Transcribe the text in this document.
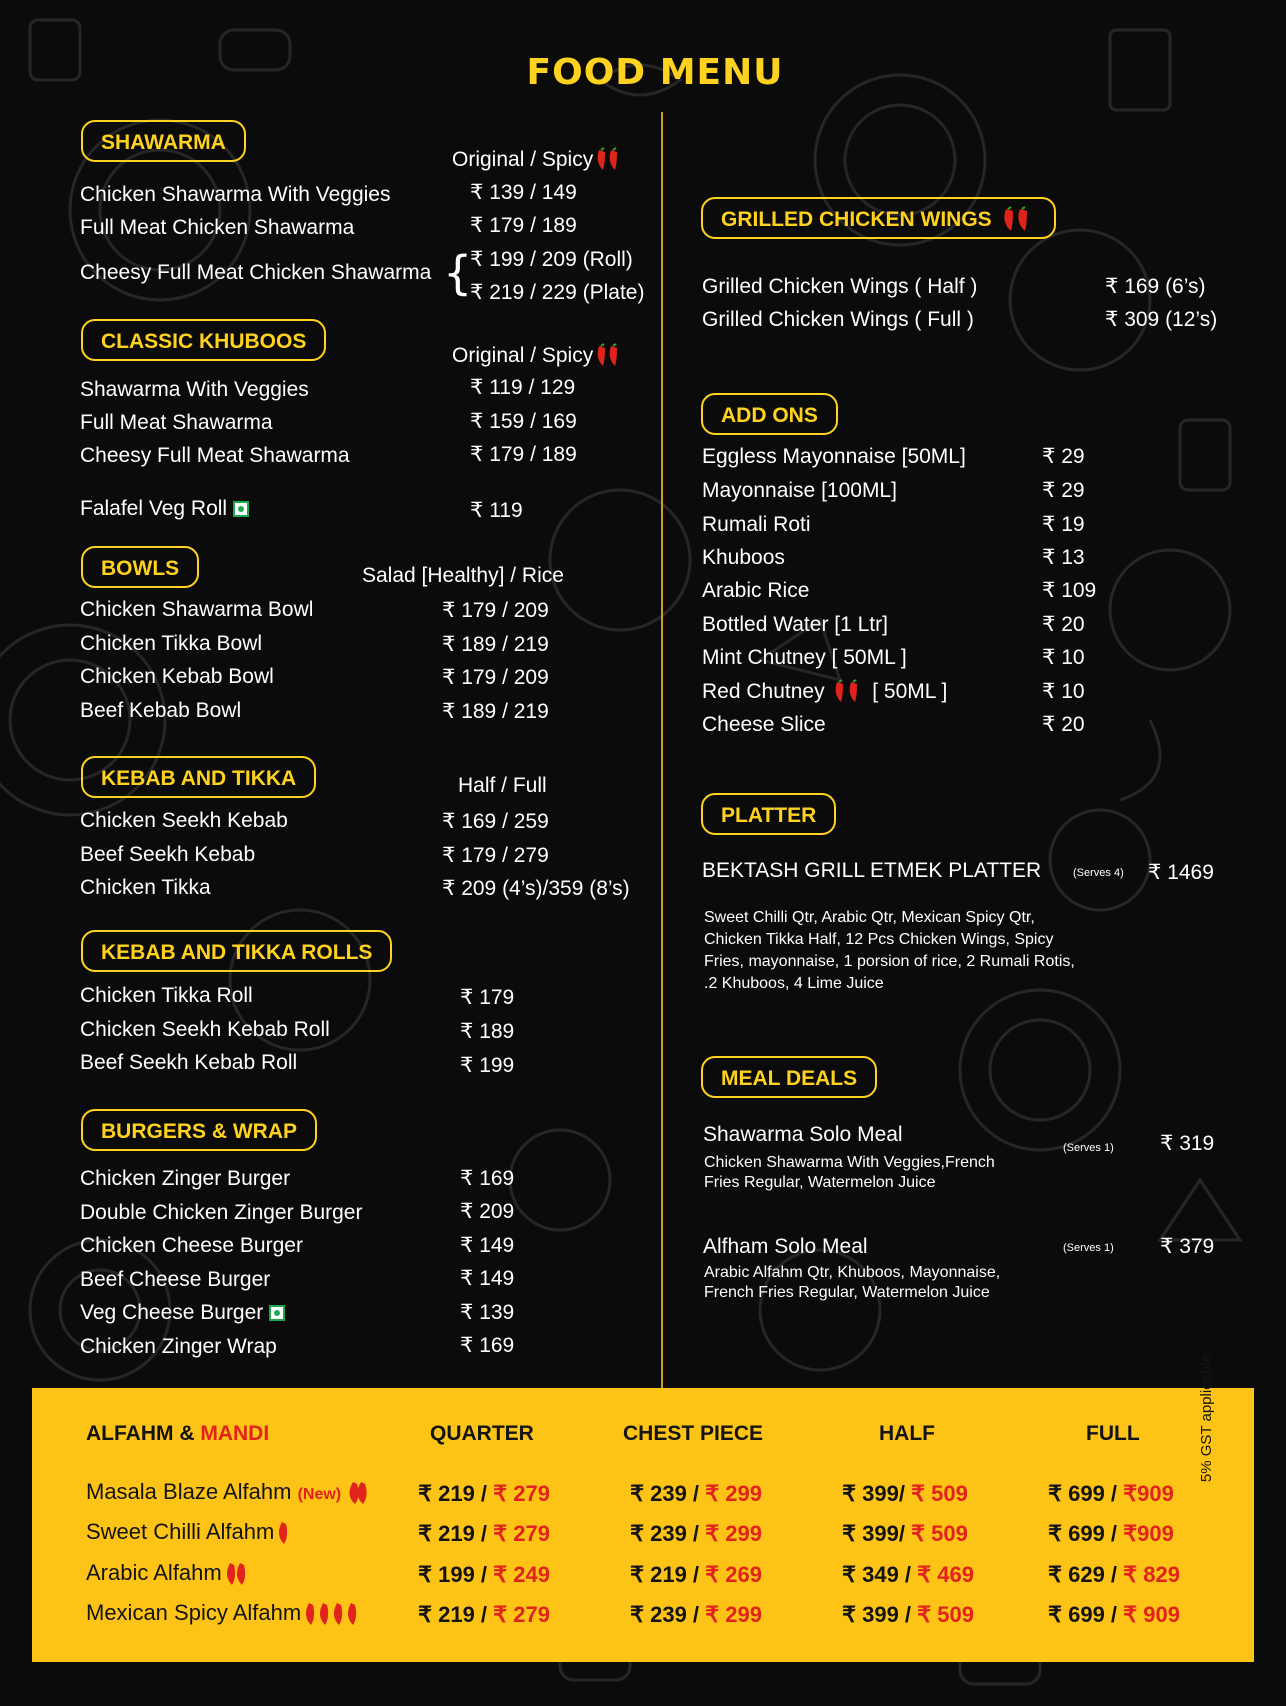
FOOD MENU
SHAWARMA
Original / Spicy
Chicken Shawarma With Veggies	₹ 139 / 149
Full Meat Chicken Shawarma	₹ 179 / 189
Cheesy Full Meat Chicken Shawarma {
₹ 199 / 209 (Roll)
₹ 219 / 229 (Plate)
CLASSIC KHUBOOS
Original / Spicy
Shawarma With Veggies	₹ 119 / 129
Full Meat Shawarma	₹ 159 / 169
Cheesy Full Meat Shawarma	₹ 179 / 189
Falafel Veg Roll	₹ 119
BOWLS	Salad [Healthy] / Rice
Chicken Shawarma Bowl	₹ 179 / 209
Chicken Tikka Bowl	₹ 189 / 219
Chicken Kebab Bowl	₹ 179 / 209
Beef Kebab Bowl	₹ 189 / 219
KEBAB AND TIKKA	Half / Full
Chicken Seekh Kebab	₹ 169 / 259
Beef Seekh Kebab	₹ 179 / 279
Chicken Tikka	₹ 209 (4’s)/359 (8’s)
KEBAB AND TIKKA ROLLS
Chicken Tikka Roll	₹ 179
Chicken Seekh Kebab Roll	₹ 189
Beef Seekh Kebab Roll	₹ 199
BURGERS & WRAP
Chicken Zinger Burger	₹ 169
Double Chicken Zinger Burger	₹ 209
Chicken Cheese Burger	₹ 149
Beef Cheese Burger	₹ 149
Veg Cheese Burger	₹ 139
Chicken Zinger Wrap	₹ 169
GRILLED CHICKEN WINGS
Grilled Chicken Wings ( Half )	₹ 169 (6’s)
Grilled Chicken Wings ( Full )	₹ 309 (12’s)
ADD ONS
Eggless Mayonnaise [50ML]	₹ 29
Mayonnaise [100ML]	₹ 29
Rumali Roti	₹ 19
Khuboos	₹ 13
Arabic Rice	₹ 109
Bottled Water [1 Ltr]	₹ 20
Mint Chutney [ 50ML ]	₹ 10
Red Chutney [ 50ML ]	₹ 10
Cheese Slice	₹ 20
PLATTER
BEKTASH GRILL ETMEK PLATTER	(Serves 4) ₹ 1469
Sweet Chilli Qtr, Arabic Qtr, Mexican Spicy Qtr,
Chicken Tikka Half, 12 Pcs Chicken Wings, Spicy
Fries, mayonnaise, 1 porsion of rice, 2 Rumali Rotis,
.2 Khuboos, 4 Lime Juice
MEAL DEALS
Shawarma Solo Meal
(Serves 1) ₹ 319
Chicken Shawarma With Veggies,French
Fries Regular, Watermelon Juice
Alfham Solo Meal	(Serves 1) ₹ 379
Arabic Alfahm Qtr, Khuboos, Mayonnaise,
French Fries Regular, Watermelon Juice
ALFAHM & MANDI	QUARTER	CHEST PIECE	HALF	FULL
Masala Blaze Alfahm (New)	₹ 219 / ₹ 279	₹ 239 / ₹ 299	₹ 399/ ₹ 509	₹ 699 / ₹909
Sweet Chilli Alfahm	₹ 219 / ₹ 279	₹ 239 / ₹ 299	₹ 399/ ₹ 509	₹ 699 / ₹909
Arabic Alfahm	₹ 199 / ₹ 249	₹ 219 / ₹ 269	₹ 349 / ₹ 469	₹ 629 / ₹ 829
Mexican Spicy Alfahm	₹ 219 / ₹ 279	₹ 239 / ₹ 299	₹ 399 / ₹ 509	₹ 699 / ₹ 909
5% GST applicable
